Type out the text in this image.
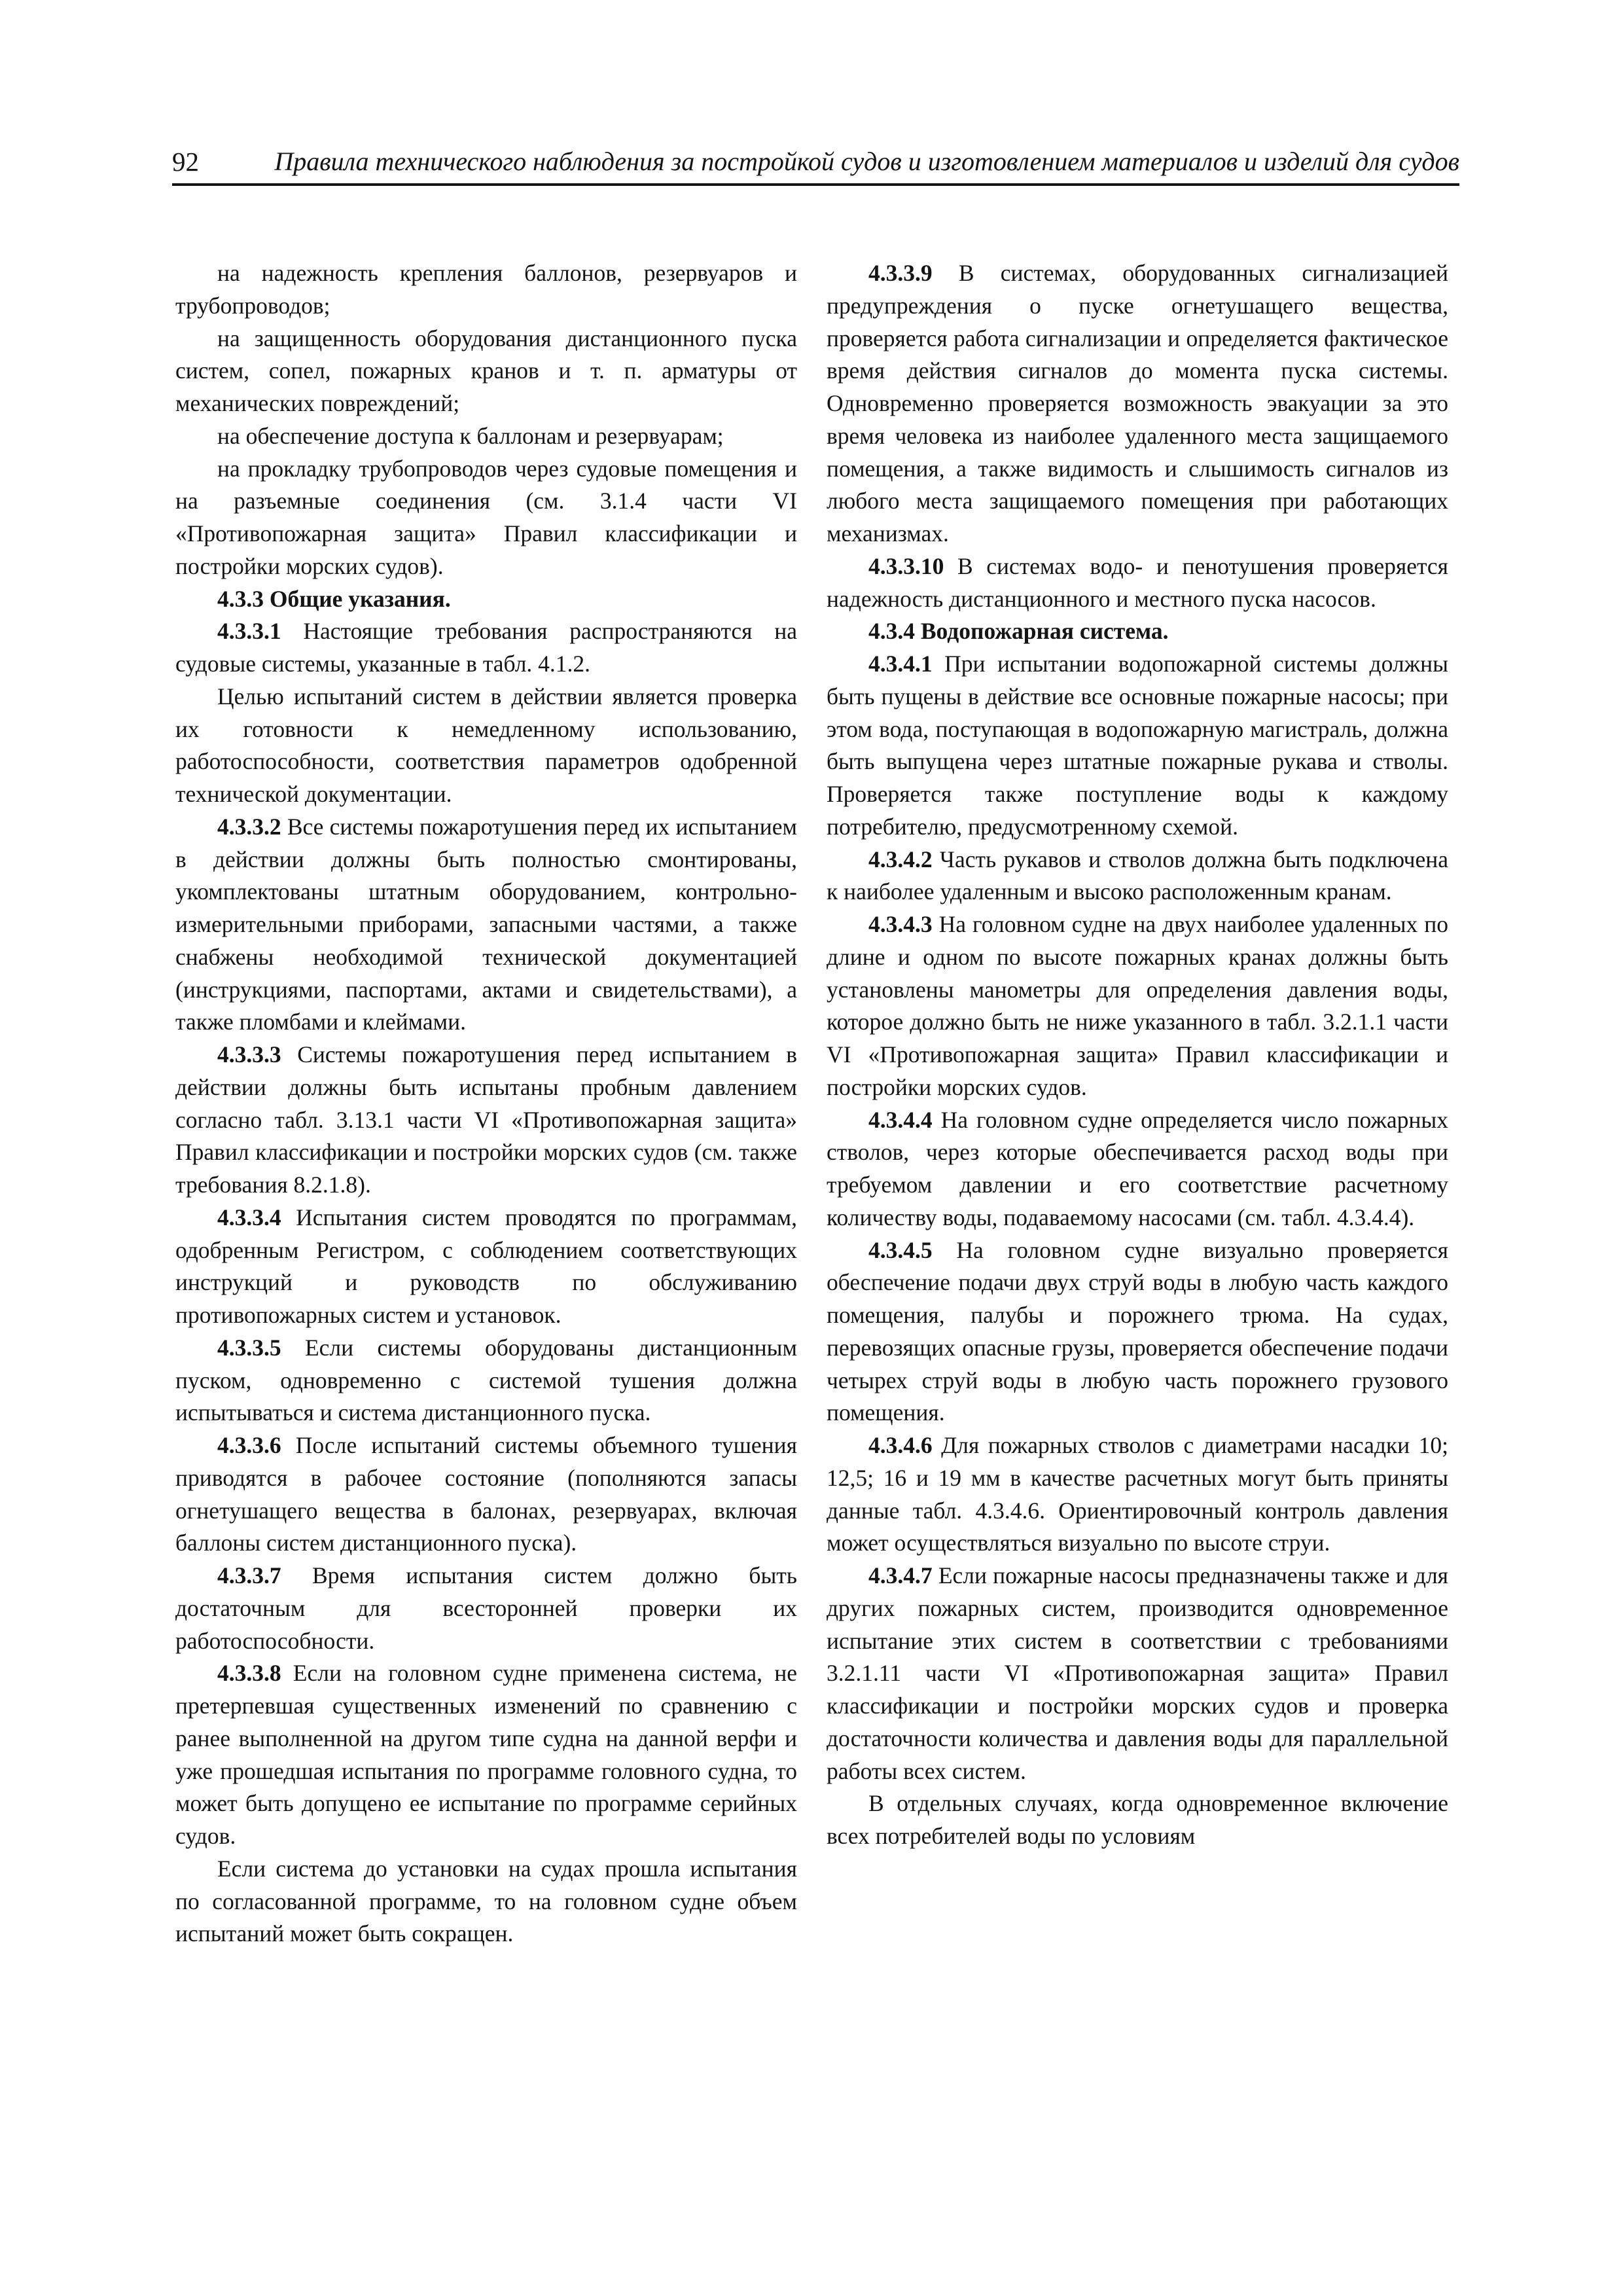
92	Правила технического наблюдения за постройкой судов и изготовлением материалов и изделий для судов

на надежность крепления баллонов, резервуаров и трубопроводов;

на защищенность оборудования дистанционного пуска систем, сопел, пожарных кранов и т. п. арматуры от механических повреждений;

на обеспечение доступа к баллонам и резервуарам;

на прокладку трубопроводов через судовые помещения и на разъемные соединения (см. 3.1.4 части VI «Противопожарная защита» Правил классификации и постройки морских судов).

4.3.3 Общие указания.

4.3.3.1 Настоящие требования распространяются на судовые системы, указанные в табл. 4.1.2.

Целью испытаний систем в действии является проверка их готовности к немедленному использованию, работоспособности, соответствия параметров одобренной технической документации.

4.3.3.2 Все системы пожаротушения перед их испытанием в действии должны быть полностью смонтированы, укомплектованы штатным оборудованием, контрольно-измерительными приборами, запасными частями, а также снабжены необходимой технической документацией (инструкциями, паспортами, актами и свидетельствами), а также пломбами и клеймами.

4.3.3.3 Системы пожаротушения перед испытанием в действии должны быть испытаны пробным давлением согласно табл. 3.13.1 части VI «Противопожарная защита» Правил классификации и постройки морских судов (см. также требования 8.2.1.8).

4.3.3.4 Испытания систем проводятся по программам, одобренным Регистром, с соблюдением соответствующих инструкций и руководств по обслуживанию противопожарных систем и установок.

4.3.3.5 Если системы оборудованы дистанционным пуском, одновременно с системой тушения должна испытываться и система дистанционного пуска.

4.3.3.6 После испытаний системы объемного тушения приводятся в рабочее состояние (пополняются запасы огнетушащего вещества в балонах, резервуарах, включая баллоны систем дистанционного пуска).

4.3.3.7 Время испытания систем должно быть достаточным для всесторонней проверки их работоспособности.

4.3.3.8 Если на головном судне применена система, не претерпевшая существенных изменений по сравнению с ранее выполненной на другом типе судна на данной верфи и уже прошедшая испытания по программе головного судна, то может быть допущено ее испытание по программе серийных судов.

Если система до установки на судах прошла испытания по согласованной программе, то на головном судне объем испытаний может быть сокращен.

4.3.3.9 В системах, оборудованных сигнализацией предупреждения о пуске огнетушащего вещества, проверяется работа сигнализации и определяется фактическое время действия сигналов до момента пуска системы. Одновременно проверяется возможность эвакуации за это время человека из наиболее удаленного места защищаемого помещения, а также видимость и слышимость сигналов из любого места защищаемого помещения при работающих механизмах.

4.3.3.10 В системах водо- и пенотушения проверяется надежность дистанционного и местного пуска насосов.

4.3.4 Водопожарная система.

4.3.4.1 При испытании водопожарной системы должны быть пущены в действие все основные пожарные насосы; при этом вода, поступающая в водопожарную магистраль, должна быть выпущена через штатные пожарные рукава и стволы. Проверяется также поступление воды к каждому потребителю, предусмотренному схемой.

4.3.4.2 Часть рукавов и стволов должна быть подключена к наиболее удаленным и высоко расположенным кранам.

4.3.4.3 На головном судне на двух наиболее удаленных по длине и одном по высоте пожарных кранах должны быть установлены манометры для определения давления воды, которое должно быть не ниже указанного в табл. 3.2.1.1 части VI «Противопожарная защита» Правил классификации и постройки морских судов.

4.3.4.4 На головном судне определяется число пожарных стволов, через которые обеспечивается расход воды при требуемом давлении и его соответствие расчетному количеству воды, подаваемому насосами (см. табл. 4.3.4.4).

4.3.4.5 На головном судне визуально проверяется обеспечение подачи двух струй воды в любую часть каждого помещения, палубы и порожнего трюма. На судах, перевозящих опасные грузы, проверяется обеспечение подачи четырех струй воды в любую часть порожнего грузового помещения.

4.3.4.6 Для пожарных стволов с диаметрами насадки 10; 12,5; 16 и 19 мм в качестве расчетных могут быть приняты данные табл. 4.3.4.6. Ориентировочный контроль давления может осуществляться визуально по высоте струи.

4.3.4.7 Если пожарные насосы предназначены также и для других пожарных систем, производится одновременное испытание этих систем в соответствии с требованиями 3.2.1.11 части VI «Противопожарная защита» Правил классификации и постройки морских судов и проверка достаточности количества и давления воды для параллельной работы всех систем.

В отдельных случаях, когда одновременное включение всех потребителей воды по условиям
